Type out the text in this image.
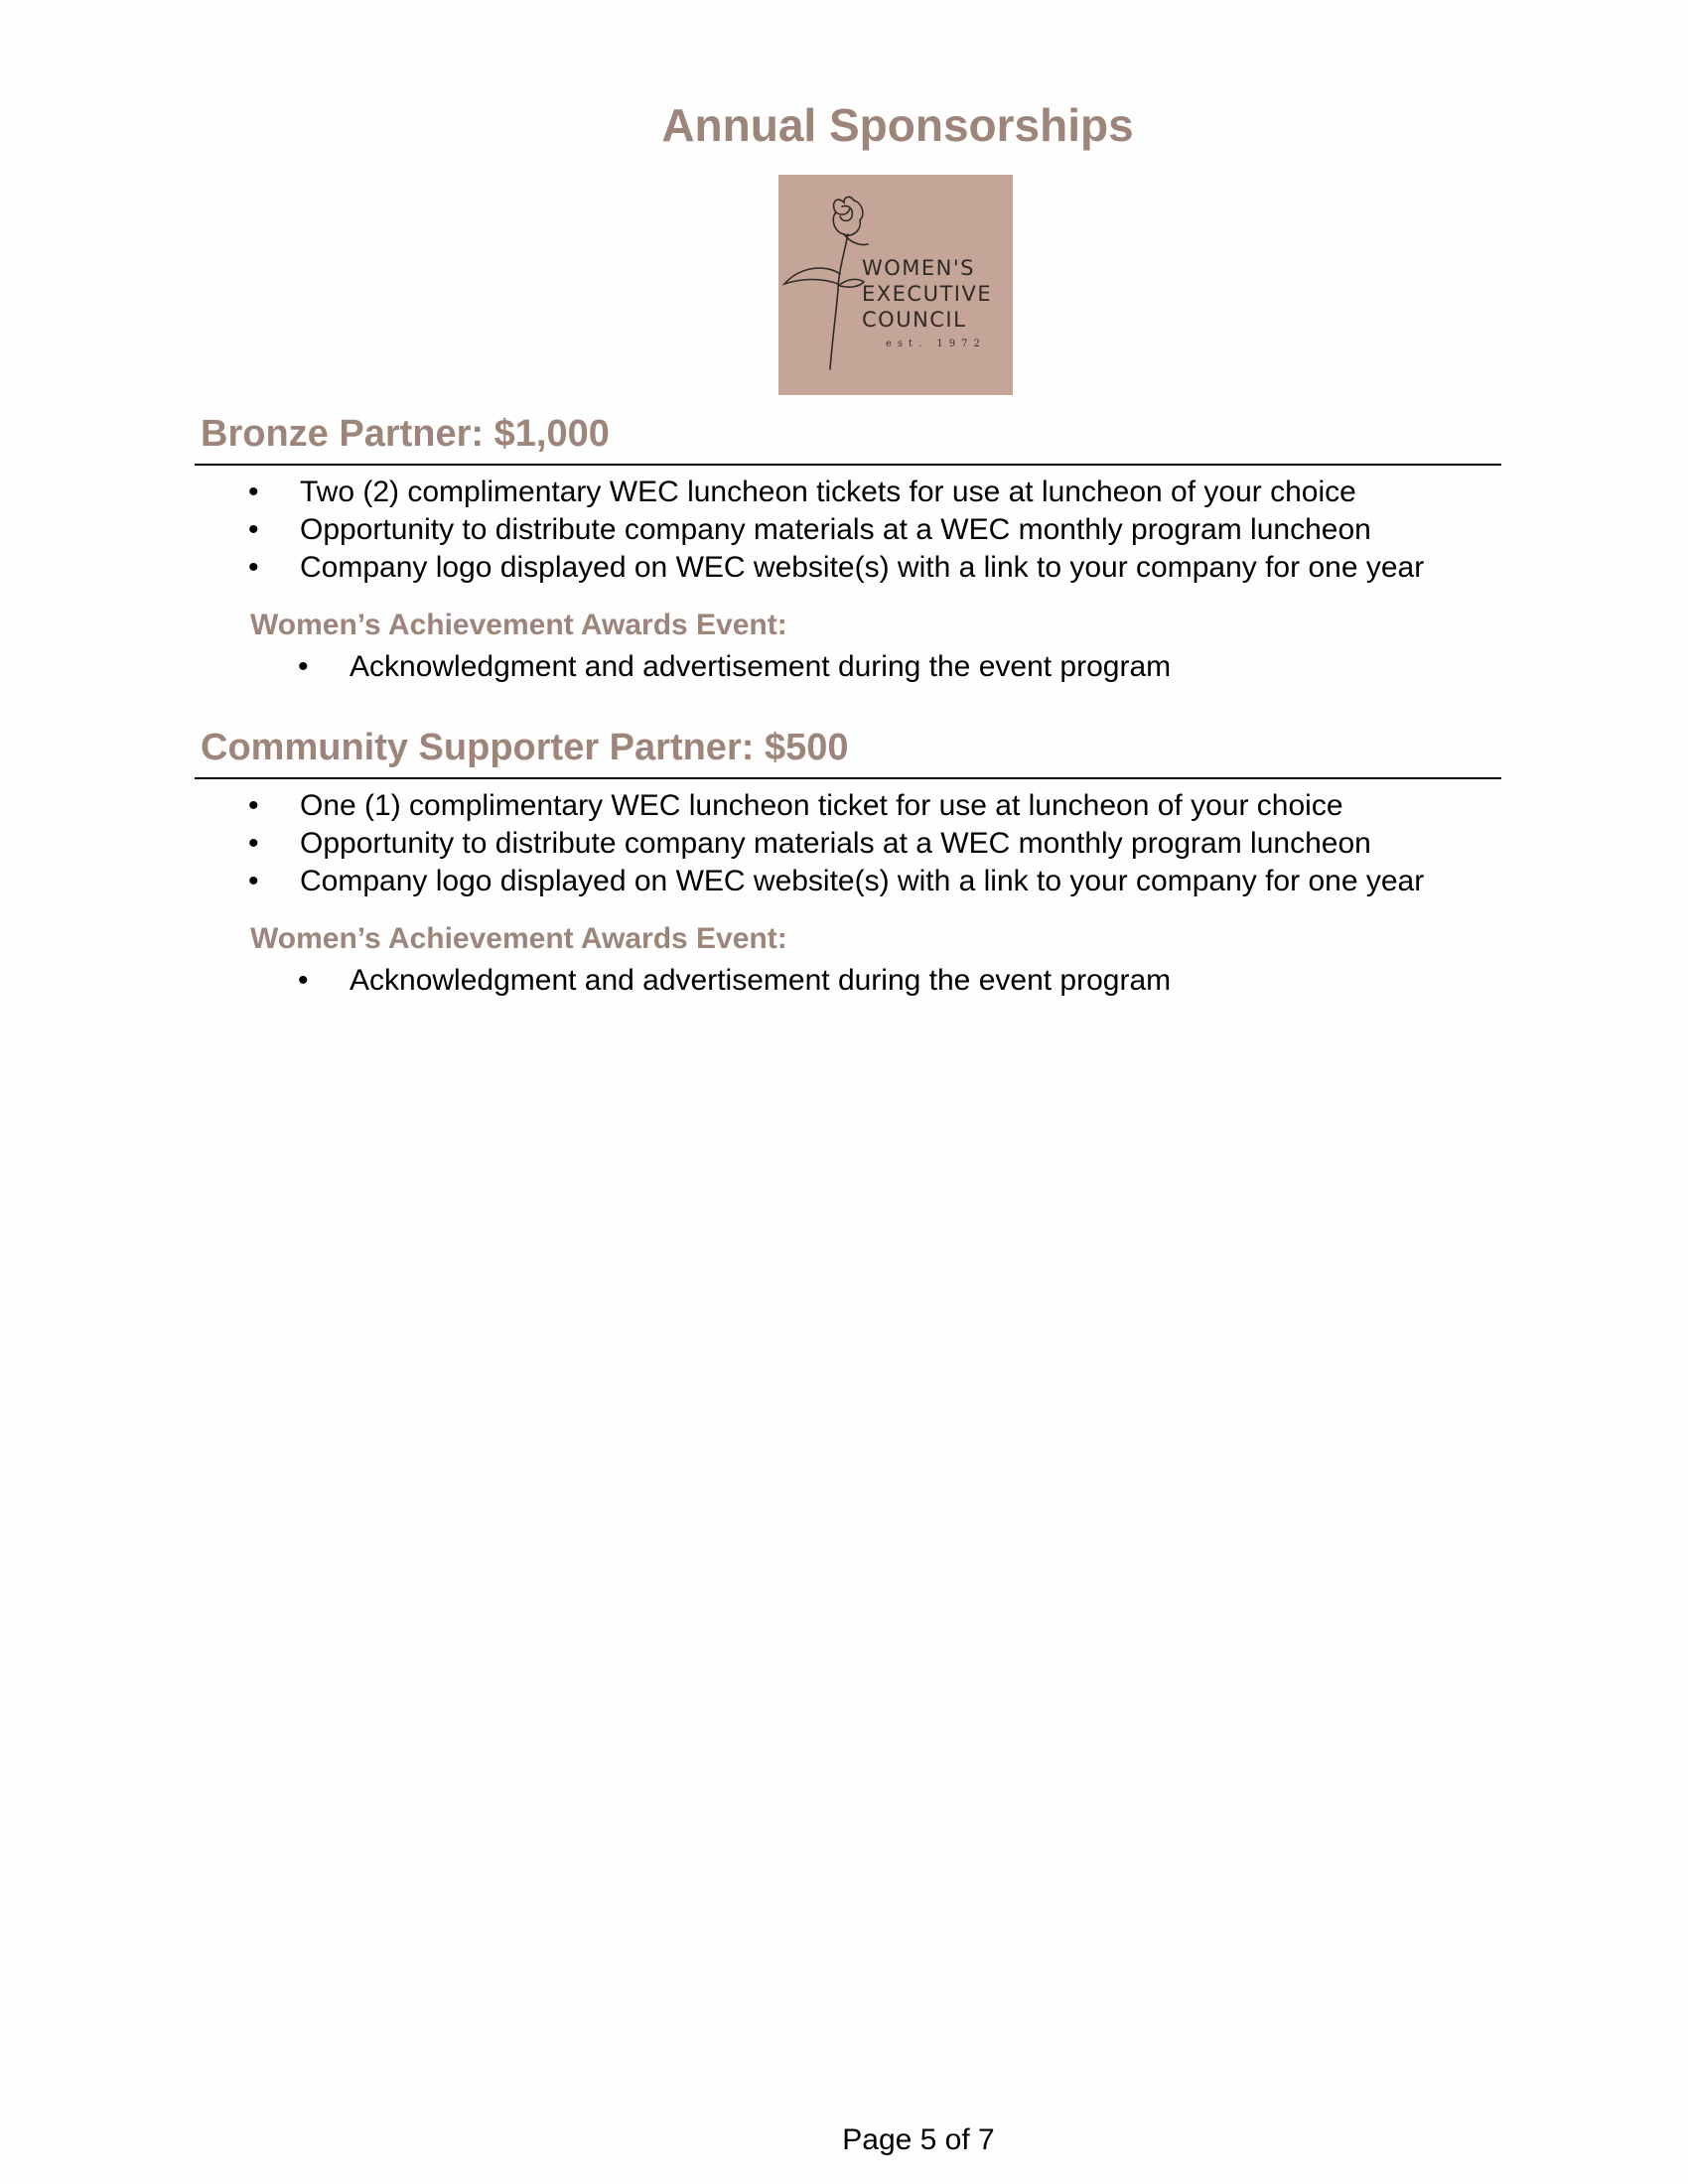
Annual Sponsorships
WOMEN'S
EXECUTIVE
COUNCIL
est. 1972
Bronze Partner: $1,000
• Two (2) complimentary WEC luncheon tickets for use at luncheon of your choice
• Opportunity to distribute company materials at a WEC monthly program luncheon
• Company logo displayed on WEC website(s) with a link to your company for one year
Women’s Achievement Awards Event:
• Acknowledgment and advertisement during the event program
Community Supporter Partner: $500
• One (1) complimentary WEC luncheon ticket for use at luncheon of your choice
• Opportunity to distribute company materials at a WEC monthly program luncheon
• Company logo displayed on WEC website(s) with a link to your company for one year
Women’s Achievement Awards Event:
• Acknowledgment and advertisement during the event program
Page 5 of 7
